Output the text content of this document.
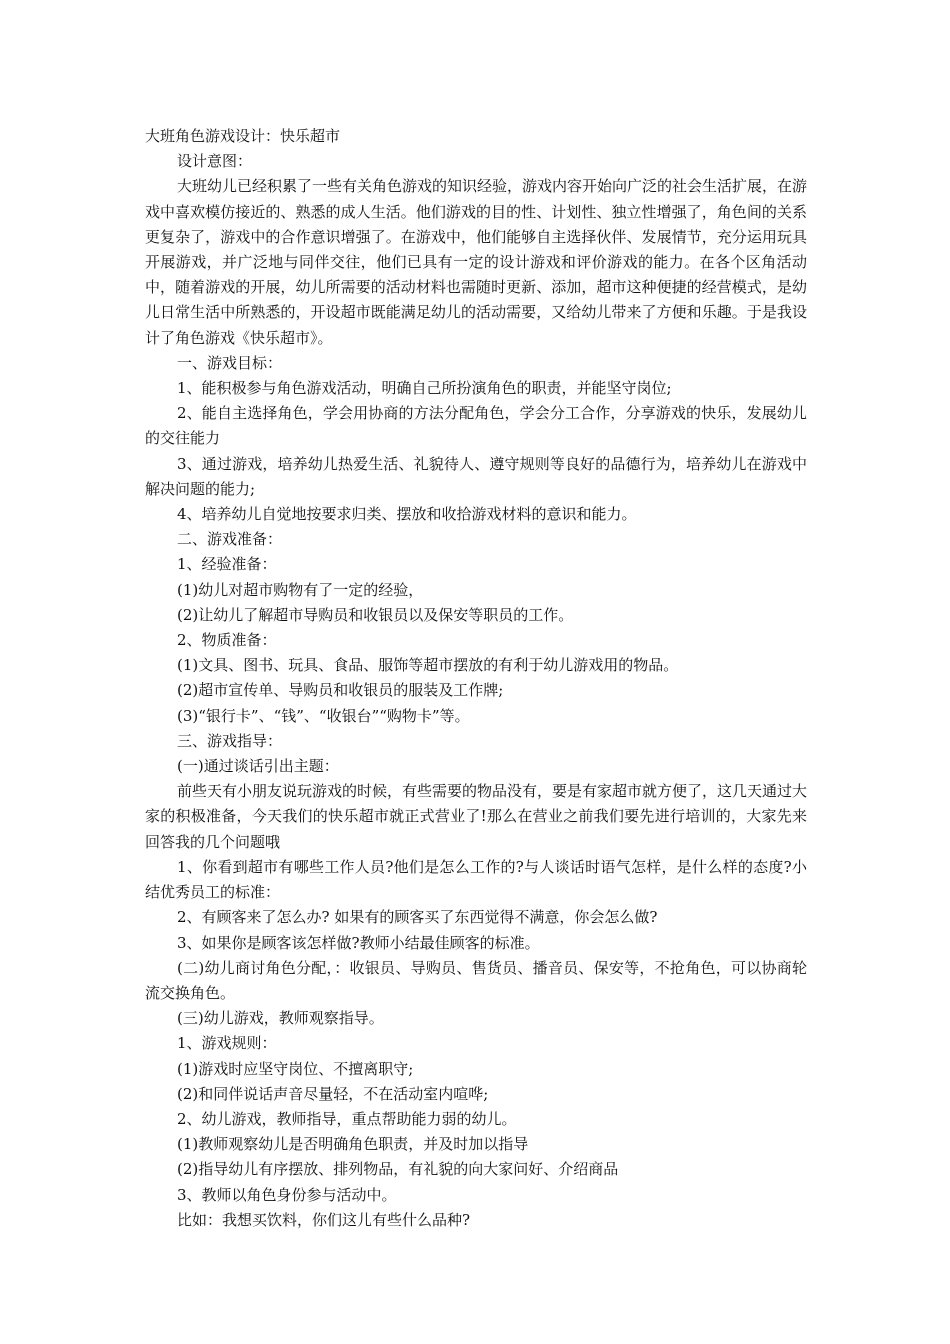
大班角色游戏设计：快乐超市

设计意图：

大班幼儿已经积累了一些有关角色游戏的知识经验，游戏内容开始向广泛的社会生活扩展，在游戏中喜欢模仿接近的、熟悉的成人生活。他们游戏的目的性、计划性、独立性增强了，角色间的关系更复杂了，游戏中的合作意识增强了。在游戏中，他们能够自主选择伙伴、发展情节，充分运用玩具开展游戏，并广泛地与同伴交往，他们已具有一定的设计游戏和评价游戏的能力。在各个区角活动中，随着游戏的开展，幼儿所需要的活动材料也需随时更新、添加，超市这种便捷的经营模式，是幼儿日常生活中所熟悉的，开设超市既能满足幼儿的活动需要，又给幼儿带来了方便和乐趣。于是我设计了角色游戏《快乐超市》。

一、游戏目标：

1、能积极参与角色游戏活动，明确自己所扮演角色的职责，并能坚守岗位;

2、能自主选择角色，学会用协商的方法分配角色，学会分工合作，分享游戏的快乐，发展幼儿的交往能力

3、通过游戏，培养幼儿热爱生活、礼貌待人、遵守规则等良好的品德行为，培养幼儿在游戏中解决问题的能力;

4、培养幼儿自觉地按要求归类、摆放和收拾游戏材料的意识和能力。

二、游戏准备：

1、经验准备：

(1)幼儿对超市购物有了一定的经验，

(2)让幼儿了解超市导购员和收银员以及保安等职员的工作。

2、物质准备：

(1)文具、图书、玩具、食品、服饰等超市摆放的有利于幼儿游戏用的物品。

(2)超市宣传单、导购员和收银员的服装及工作牌;

(3)“银行卡”、“钱”、“收银台”“购物卡”等。

三、游戏指导：

(一)通过谈话引出主题：

前些天有小朋友说玩游戏的时候，有些需要的物品没有，要是有家超市就方便了，这几天通过大家的积极准备，今天我们的快乐超市就正式营业了!那么在营业之前我们要先进行培训的，大家先来回答我的几个问题哦

1、你看到超市有哪些工作人员?他们是怎么工作的?与人谈话时语气怎样，是什么样的态度?小结优秀员工的标准：

2、有顾客来了怎么办? 如果有的顾客买了东西觉得不满意，你会怎么做?

3、如果你是顾客该怎样做?教师小结最佳顾客的标准。

(二)幼儿商讨角色分配，：收银员、导购员、售货员、播音员、保安等，不抢角色，可以协商轮流交换角色。

(三)幼儿游戏，教师观察指导。

1、游戏规则：

(1)游戏时应坚守岗位、不擅离职守;

(2)和同伴说话声音尽量轻，不在活动室内喧哗;

2、幼儿游戏，教师指导，重点帮助能力弱的幼儿。

(1)教师观察幼儿是否明确角色职责，并及时加以指导

(2)指导幼儿有序摆放、排列物品，有礼貌的向大家问好、介绍商品

3、教师以角色身份参与活动中。

比如：我想买饮料，你们这儿有些什么品种?
